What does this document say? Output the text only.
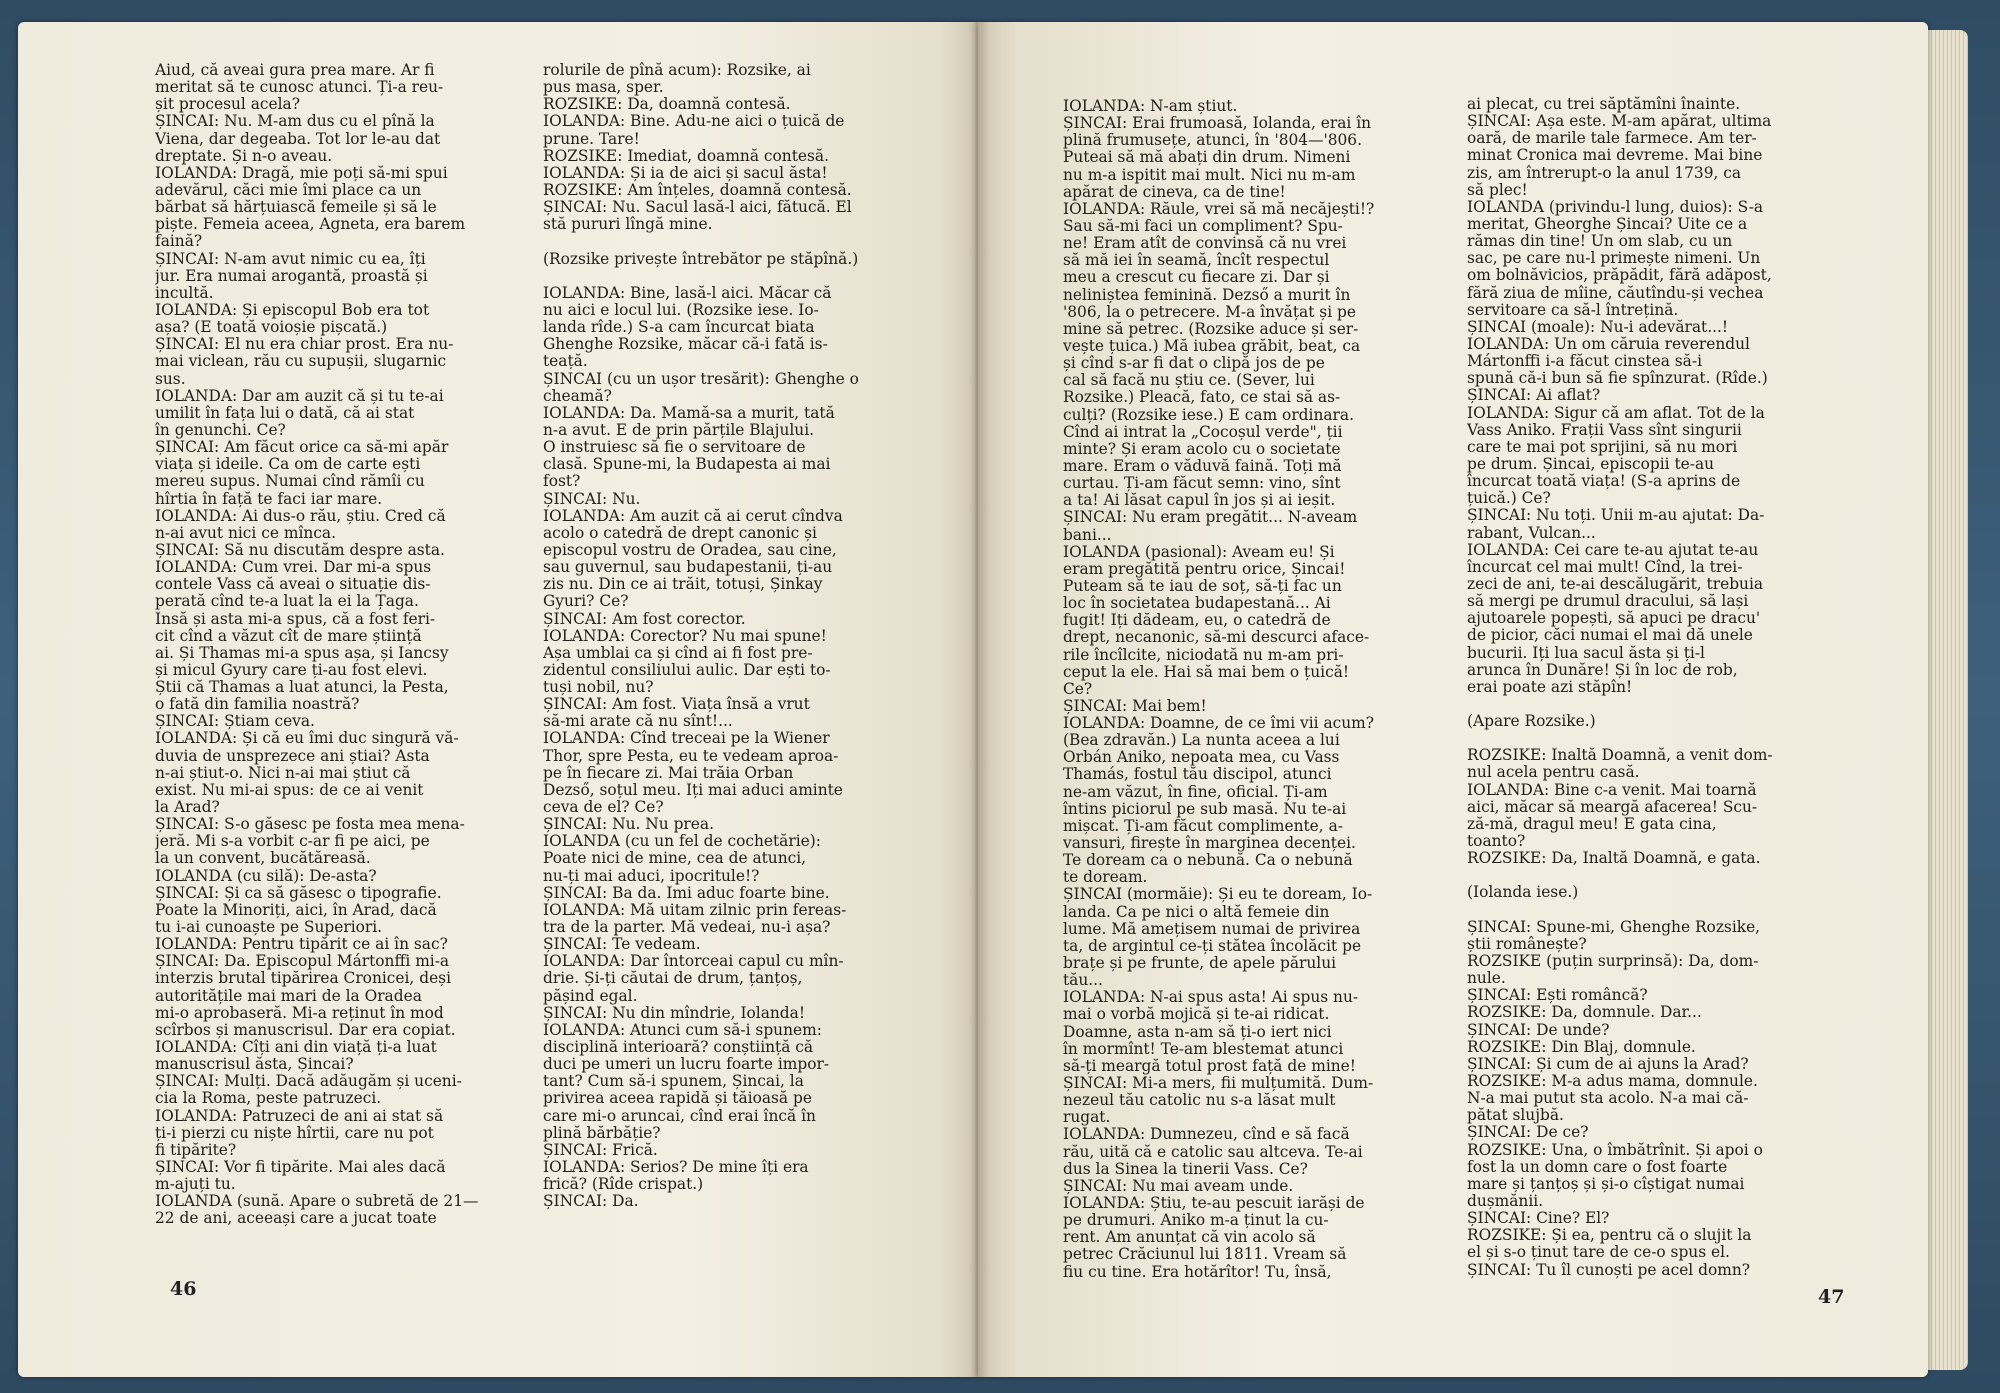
46	47
Aiud, că aveai gura prea mare. Ar fi
meritat să te cunosc atunci. Ți-a reu-
șit procesul acela?
ȘINCAI: Nu. M-am dus cu el pînă la
Viena, dar degeaba. Tot lor le-au dat
dreptate. Și n-o aveau.
IOLANDA: Dragă, mie poți să-mi spui
adevărul, căci mie îmi place ca un
bărbat să hărțuiască femeile și să le
piște. Femeia aceea, Agneta, era barem
faină?
ȘINCAI: N-am avut nimic cu ea, îți
jur. Era numai arogantă, proastă și
incultă.
IOLANDA: Și episcopul Bob era tot
așa? (E toată voioșie pișcată.)
ȘINCAI: El nu era chiar prost. Era nu-
mai viclean, rău cu supușii, slugarnic
sus.
IOLANDA: Dar am auzit că și tu te-ai
umilit în fața lui o dată, că ai stat
în genunchi. Ce?
ȘINCAI: Am făcut orice ca să-mi apăr
viața și ideile. Ca om de carte ești
mereu supus. Numai cînd rămîi cu
hîrtia în față te faci iar mare.
IOLANDA: Ai dus-o rău, știu. Cred că
n-ai avut nici ce mînca.
ȘINCAI: Să nu discutăm despre asta.
IOLANDA: Cum vrei. Dar mi-a spus
contele Vass că aveai o situație dis-
perată cînd te-a luat la ei la Țaga.
Însă și asta mi-a spus, că a fost feri-
cit cînd a văzut cît de mare știință
ai. Și Thamas mi-a spus așa, și Iancsy
și micul Gyury care ți-au fost elevi.
Știi că Thamas a luat atunci, la Pesta,
o fată din familia noastră?
ȘINCAI: Știam ceva.
IOLANDA: Și că eu îmi duc singură vă-
duvia de unsprezece ani știai? Asta
n-ai știut-o. Nici n-ai mai știut că
exist. Nu mi-ai spus: de ce ai venit
la Arad?
ȘINCAI: S-o găsesc pe fosta mea mena-
jeră. Mi s-a vorbit c-ar fi pe aici, pe
la un convent, bucătăreasă.
IOLANDA (cu silă): De-asta?
ȘINCAI: Și ca să găsesc o tipografie.
Poate la Minoriți, aici, în Arad, dacă
tu i-ai cunoaște pe Superiori.
IOLANDA: Pentru tipărit ce ai în sac?
ȘINCAI: Da. Episcopul Mártonffi mi-a
interzis brutal tipărirea Cronicei, deși
autoritățile mai mari de la Oradea
mi-o aprobaseră. Mi-a reținut în mod
scîrbos și manuscrisul. Dar era copiat.
IOLANDA: Cîți ani din viață ți-a luat
manuscrisul ăsta, Șincai?
ȘINCAI: Mulți. Dacă adăugăm și uceni-
cia la Roma, peste patruzeci.
IOLANDA: Patruzeci de ani ai stat să
ți-i pierzi cu niște hîrtii, care nu pot
fi tipărite?
ȘINCAI: Vor fi tipărite. Mai ales dacă
m-ajuți tu.
IOLANDA (sună. Apare o subretă de 21—
22 de ani, aceeași care a jucat toate
rolurile de pînă acum): Rozsike, ai
pus masa, sper.
ROZSIKE: Da, doamnă contesă.
IOLANDA: Bine. Adu-ne aici o țuică de
prune. Tare!
ROZSIKE: Imediat, doamnă contesă.
IOLANDA: Și ia de aici și sacul ăsta!
ROZSIKE: Am înțeles, doamnă contesă.
ȘINCAI: Nu. Sacul lasă-l aici, fătucă. El
stă pururi lîngă mine.
(Rozsike privește întrebător pe stăpînă.)
IOLANDA: Bine, lasă-l aici. Măcar că
nu aici e locul lui. (Rozsike iese. Io-
landa rîde.) S-a cam încurcat biata
Ghenghe Rozsike, măcar că-i fată is-
teață.
ȘINCAI (cu un ușor tresărit): Ghenghe o
cheamă?
IOLANDA: Da. Mamă-sa a murit, tată
n-a avut. E de prin părțile Blajului.
O instruiesc să fie o servitoare de
clasă. Spune-mi, la Budapesta ai mai
fost?
ȘINCAI: Nu.
IOLANDA: Am auzit că ai cerut cîndva
acolo o catedră de drept canonic și
episcopul vostru de Oradea, sau cine,
sau guvernul, sau budapestanii, ți-au
zis nu. Din ce ai trăit, totuși, Șinkay
Gyuri? Ce?
ȘINCAI: Am fost corector.
IOLANDA: Corector? Nu mai spune!
Așa umblai ca și cînd ai fi fost pre-
zidentul consiliului aulic. Dar ești to-
tuși nobil, nu?
ȘINCAI: Am fost. Viața însă a vrut
să-mi arate că nu sînt!...
IOLANDA: Cînd treceai pe la Wiener
Thor, spre Pesta, eu te vedeam aproa-
pe în fiecare zi. Mai trăia Orban
Dezső, soțul meu. Îți mai aduci aminte
ceva de el? Ce?
ȘINCAI: Nu. Nu prea.
IOLANDA (cu un fel de cochetărie):
Poate nici de mine, cea de atunci,
nu-ți mai aduci, ipocritule!?
ȘINCAI: Ba da. Îmi aduc foarte bine.
IOLANDA: Mă uitam zilnic prin fereas-
tra de la parter. Mă vedeai, nu-i așa?
ȘINCAI: Te vedeam.
IOLANDA: Dar întorceai capul cu mîn-
drie. Și-ți căutai de drum, țanțoș,
pășind egal.
ȘINCAI: Nu din mîndrie, Iolanda!
IOLANDA: Atunci cum să-i spunem:
disciplină interioară? conștiință că
duci pe umeri un lucru foarte impor-
tant? Cum să-i spunem, Șincai, la
privirea aceea rapidă și tăioasă pe
care mi-o aruncai, cînd erai încă în
plină bărbăție?
ȘINCAI: Frică.
IOLANDA: Serios? De mine îți era
frică? (Rîde crispat.)
ȘINCAI: Da.
IOLANDA: N-am știut.
ȘINCAI: Erai frumoasă, Iolanda, erai în
plină frumusețe, atunci, în '804—'806.
Puteai să mă abați din drum. Nimeni
nu m-a ispitit mai mult. Nici nu m-am
apărat de cineva, ca de tine!
IOLANDA: Răule, vrei să mă necăjești!?
Sau să-mi faci un compliment? Spu-
ne! Eram atît de convinsă că nu vrei
să mă iei în seamă, încît respectul
meu a crescut cu fiecare zi. Dar și
neliniștea feminină. Dezső a murit în
'806, la o petrecere. M-a învățat și pe
mine să petrec. (Rozsike aduce și ser-
vește țuica.) Mă iubea grăbit, beat, ca
și cînd s-ar fi dat o clipă jos de pe
cal să facă nu știu ce. (Sever, lui
Rozsike.) Pleacă, fato, ce stai să as-
culți? (Rozsike iese.) E cam ordinara.
Cînd ai intrat la „Cocoșul verde", ții
minte? Și eram acolo cu o societate
mare. Eram o văduvă faină. Toți mă
curtau. Ți-am făcut semn: vino, sînt
a ta! Ai lăsat capul în jos și ai ieșit.
ȘINCAI: Nu eram pregătit... N-aveam
bani...
IOLANDA (pasional): Aveam eu! Și
eram pregătită pentru orice, Șincai!
Puteam să te iau de soț, să-ți fac un
loc în societatea budapestană... Ai
fugit! Îți dădeam, eu, o catedră de
drept, necanonic, să-mi descurci afacе-
rile încîlcite, niciodată nu m-am pri-
ceput la ele. Hai să mai bem o țuică!
Ce?
ȘINCAI: Mai bem!
IOLANDA: Doamne, de ce îmi vii acum?
(Bea zdravăn.) La nunta aceea a lui
Orbán Aniko, nepoata mea, cu Vass
Thamás, fostul tău discipol, atunci
ne-am văzut, în fine, oficial. Ți-am
întins piciorul pe sub masă. Nu te-ai
mișcat. Ți-am făcut complimente, a-
vansuri, firește în marginea decenței.
Te doream ca o nebună. Ca o nebună
te doream.
ȘINCAI (mormăie): Și eu te doream, Io-
landa. Ca pe nici o altă femeie din
lume. Mă amețisem numai de privirea
ta, de argintul ce-ți stătea încolăcit pe
brațe și pe frunte, de apele părului
tău...
IOLANDA: N-ai spus asta! Ai spus nu-
mai o vorbă mojică și te-ai ridicat.
Doamne, asta n-am să ți-o iert nici
în mormînt! Te-am blestemat atunci
să-ți meargă totul prost față de mine!
ȘINCAI: Mi-a mers, fii mulțumită. Dum-
nezeul tău catolic nu s-a lăsat mult
rugat.
IOLANDA: Dumnezeu, cînd e să facă
rău, uită că e catolic sau altceva. Te-ai
dus la Sinea la tinerii Vass. Ce?
ȘINCAI: Nu mai aveam unde.
IOLANDA: Știu, te-au pescuit iarăși de
pe drumuri. Aniko m-a ținut la cu-
rent. Am anunțat că vin acolo să
petrec Crăciunul lui 1811. Vream să
fiu cu tine. Era hotărîtor! Tu, însă,
ai plecat, cu trei săptămîni înainte.
ȘINCAI: Așa este. M-am apărat, ultima
oară, de marile tale farmece. Am ter-
minat Cronica mai devreme. Mai bine
zis, am întrerupt-o la anul 1739, ca
să plec!
IOLANDA (privindu-l lung, duios): S-a
meritat, Gheorghe Șincai? Uite ce a
rămas din tine! Un om slab, cu un
sac, pe care nu-l primește nimeni. Un
om bolnăvicios, prăpădit, fără adăpost,
fără ziua de mîine, căutîndu-și vechea
servitoare ca să-l întrețină.
ȘINCAI (moale): Nu-i adevărat...!
IOLANDA: Un om căruia reverendul
Mártonffi i-a făcut cinstea să-i
spună că-i bun să fie spînzurat. (Rîde.)
ȘINCAI: Ai aflat?
IOLANDA: Sigur că am aflat. Tot de la
Vass Aniko. Frații Vass sînt singurii
care te mai pot sprijini, să nu mori
pe drum. Șincai, episcopii te-au
încurcat toată viața! (S-a aprins de
țuică.) Ce?
ȘINCAI: Nu toți. Unii m-au ajutat: Da-
rabant, Vulcan...
IOLANDA: Cei care te-au ajutat te-au
încurcat cel mai mult! Cînd, la trei-
zeci de ani, te-ai descălugărit, trebuia
să mergi pe drumul dracului, să lași
ajutoarele popești, să apuci pe dracu'
de picior, căci numai el mai dă unele
bucurii. Îți lua sacul ăsta și ți-l
arunca în Dunăre! Și în loc de rob,
erai poate azi stăpîn!
(Apare Rozsike.)
ROZSIKE: Înaltă Doamnă, a venit dom-
nul acela pentru casă.
IOLANDA: Bine c-a venit. Mai toarnă
aici, măcar să meargă afacerea! Scu-
ză-mă, dragul meu! E gata cina,
toanto?
ROZSIKE: Da, Înaltă Doamnă, e gata.
(Iolanda iese.)
ȘINCAI: Spune-mi, Ghenghe Rozsike,
știi românește?
ROZSIKE (puțin surprinsă): Da, dom-
nule.
ȘINCAI: Ești româncă?
ROZSIKE: Da, domnule. Dar...
ȘINCAI: De unde?
ROZSIKE: Din Blaj, domnule.
ȘINCAI: Și cum de ai ajuns la Arad?
ROZSIKE: M-a adus mama, domnule.
N-a mai putut sta acolo. N-a mai că-
pătat slujbă.
ȘINCAI: De ce?
ROZSIKE: Una, o îmbătrînit. Și apoi o
fost la un domn care o fost foarte
mare și țanțoș și și-o cîștigat numai
dușmănii.
ȘINCAI: Cine? El?
ROZSIKE: Și ea, pentru că o slujit la
el și s-o ținut tare de ce-o spus el.
ȘINCAI: Tu îl cunoști pe acel domn?
